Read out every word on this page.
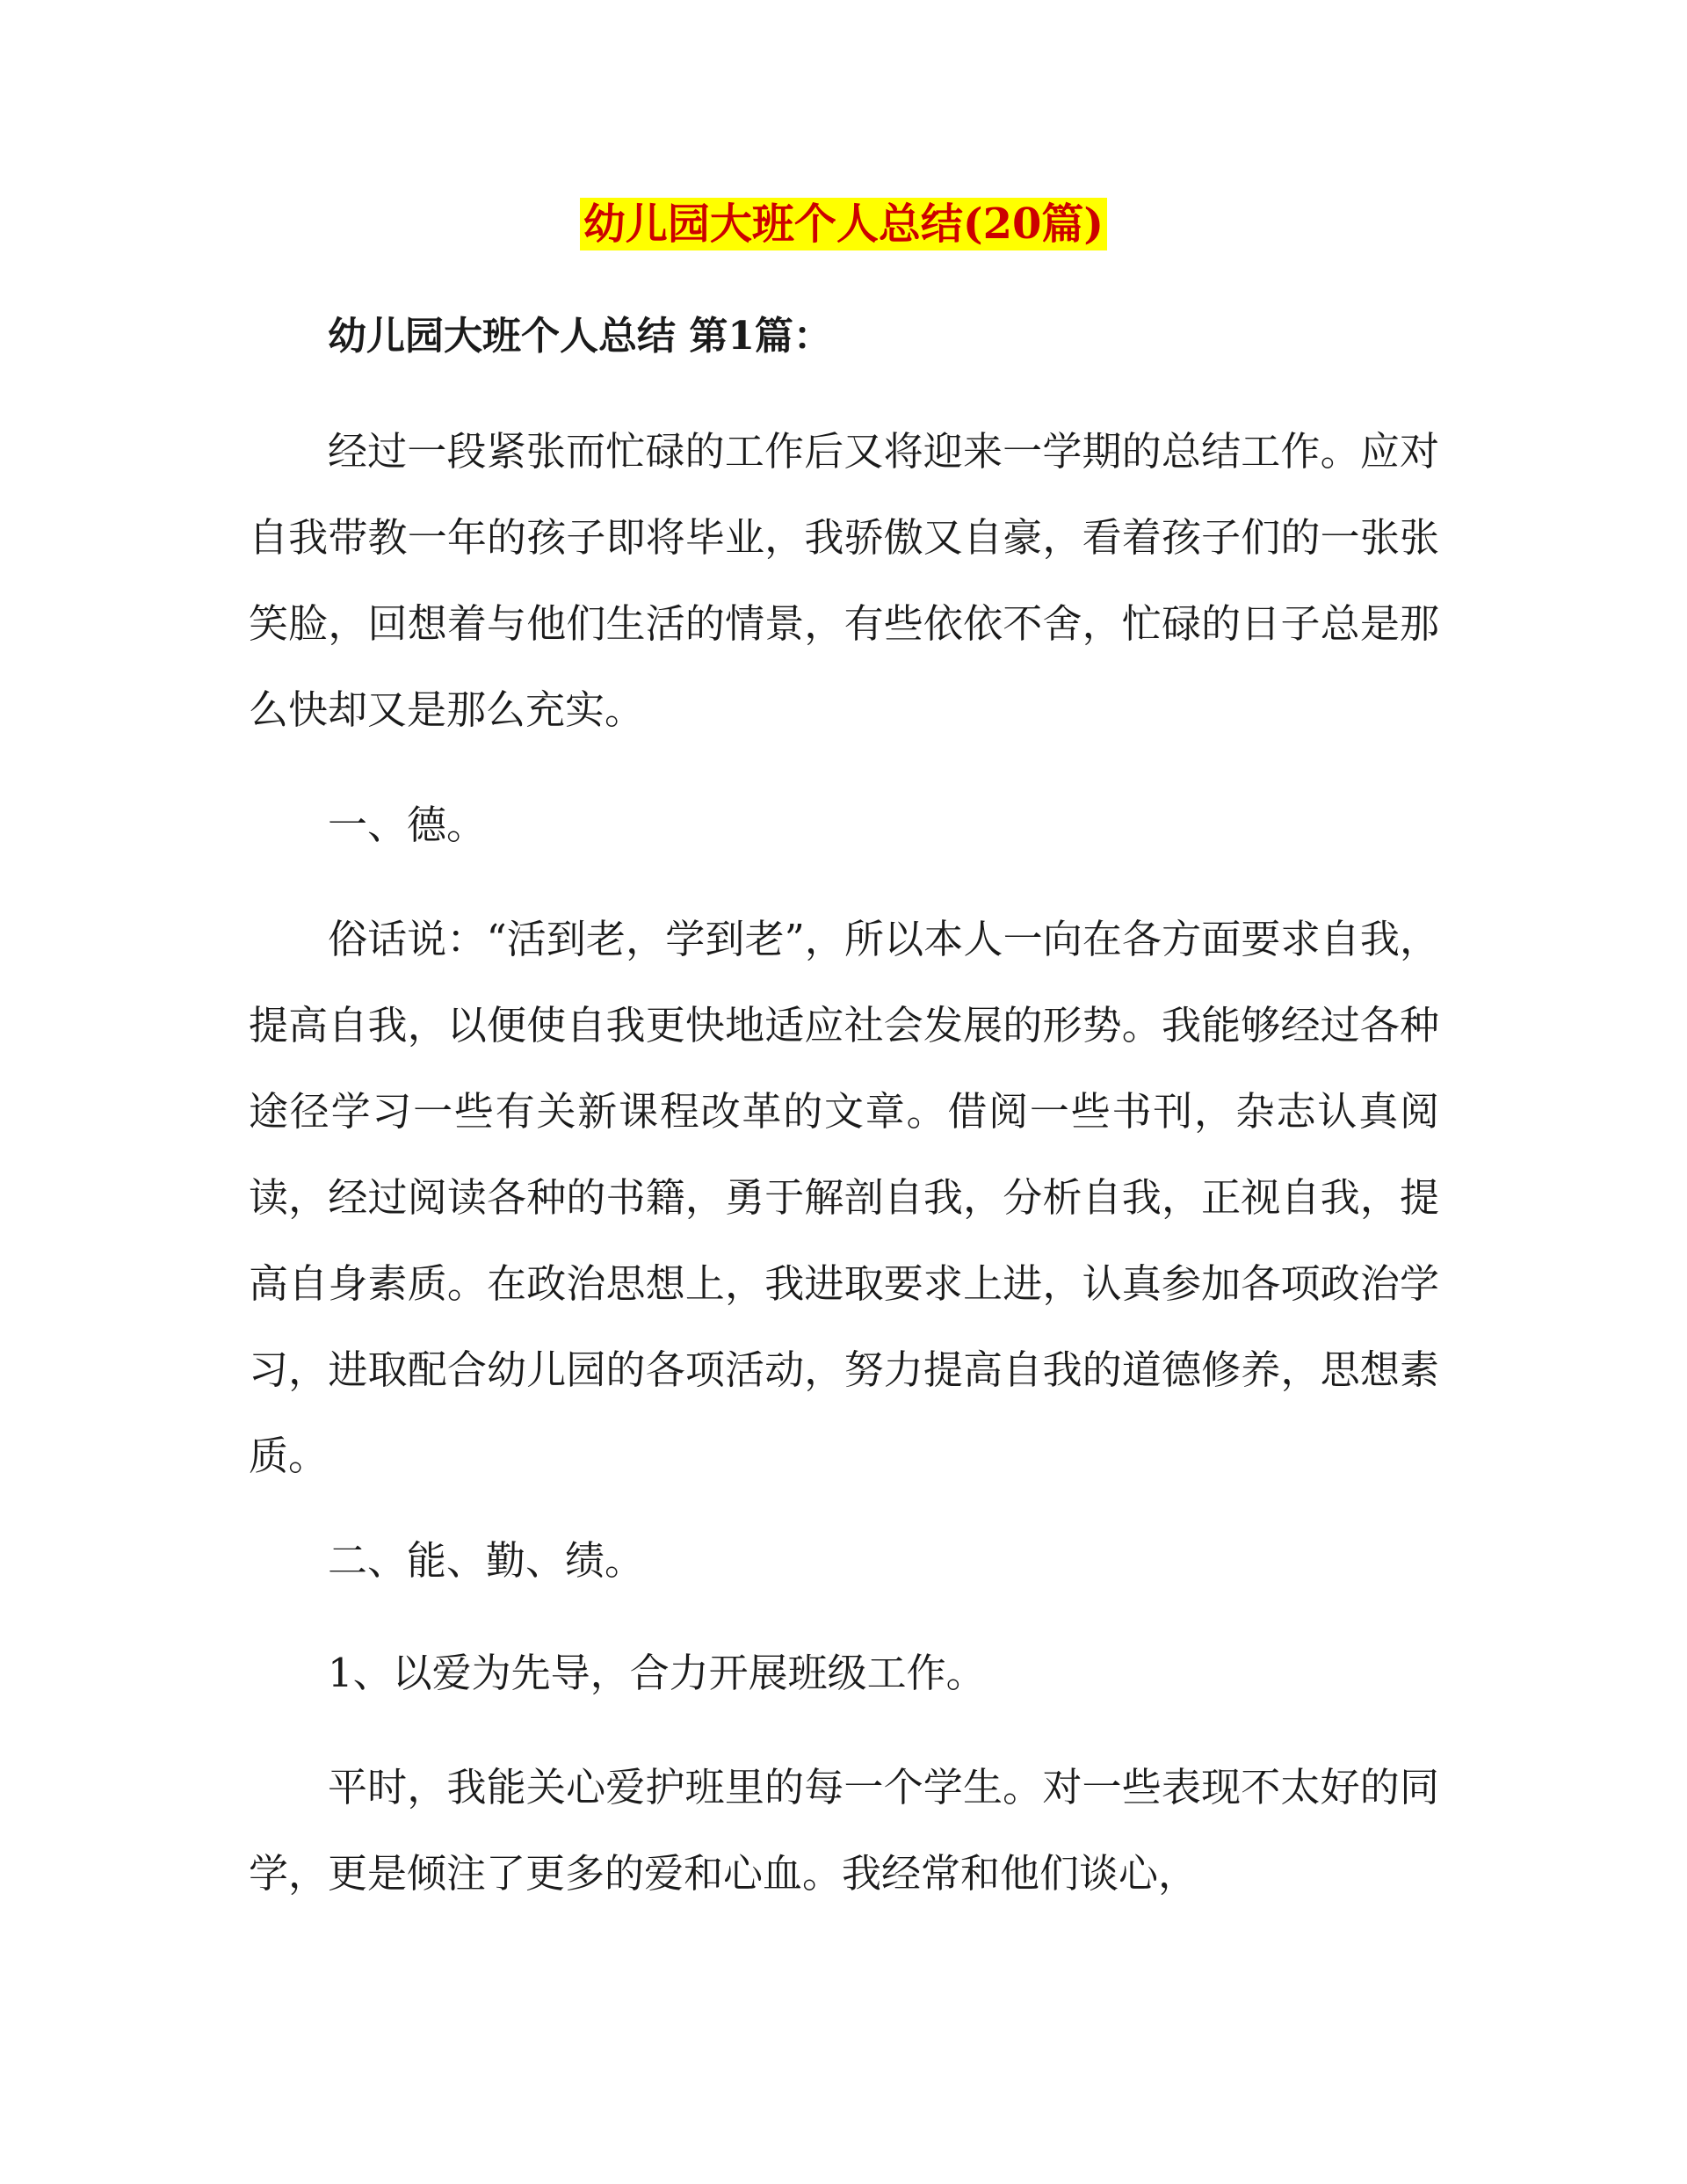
幼儿园大班个人总结(20篇)
幼儿园大班个人总结 第1篇：

经过一段紧张而忙碌的工作后又将迎来一学期的总结工作。应对自我带教一年的孩子即将毕业，我骄傲又自豪，看着孩子们的一张张笑脸，回想着与他们生活的情景，有些依依不舍，忙碌的日子总是那么快却又是那么充实。

一、德。

俗话说：“活到老，学到老”，所以本人一向在各方面要求自我，提高自我，以便使自我更快地适应社会发展的形势。我能够经过各种途径学习一些有关新课程改革的文章。借阅一些书刊，杂志认真阅读，经过阅读各种的书籍，勇于解剖自我，分析自我，正视自我，提高自身素质。在政治思想上，我进取要求上进，认真参加各项政治学习，进取配合幼儿园的各项活动，努力提高自我的道德修养，思想素质。

二、能、勤、绩。

1、以爱为先导，合力开展班级工作。

平时，我能关心爱护班里的每一个学生。对一些表现不太好的同学，更是倾注了更多的爱和心血。我经常和他们谈心，
